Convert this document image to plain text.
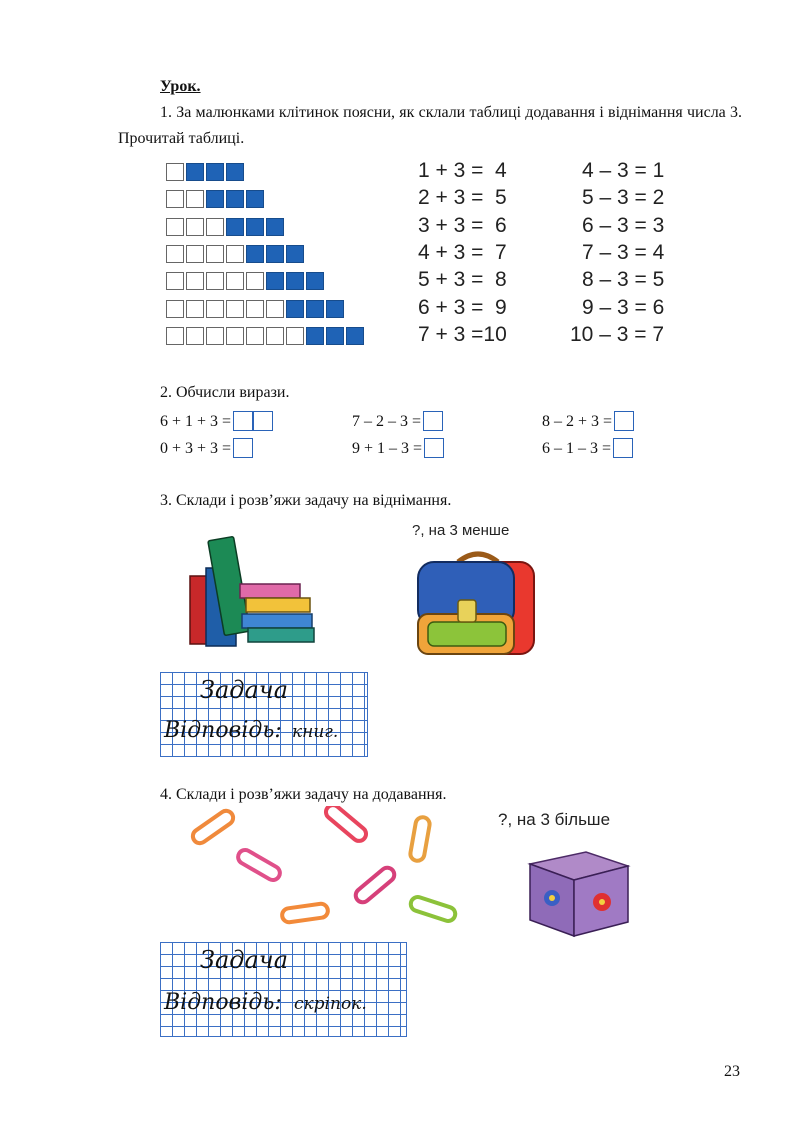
Урок.
1. За малюнками клітинок поясни, як склали таблиці додавання і віднімання числа 3. Прочитай таблиці.
1 + 3 =  4	4 – 3 = 1
2 + 3 =  5	5 – 3 = 2
3 + 3 =  6	6 – 3 = 3
4 + 3 =  7	7 – 3 = 4
5 + 3 =  8	8 – 3 = 5
6 + 3 =  9	9 – 3 = 6
7 + 3 =10	10 – 3 = 7
2. Обчисли вирази.
6 + 1 + 3 =	7 – 2 – 3 =	8 – 2 + 3 =
0 + 3 + 3 =	9 + 1 – 3 =	6 – 1 – 3 =
3. Склади і розв’яжи задачу на віднімання.
?, на 3 менше
Задача
Відповідь: книг.
4. Склади і розв’яжи задачу на додавання.
?, на 3 більше
Задача
Відповідь: скріпок.
23
